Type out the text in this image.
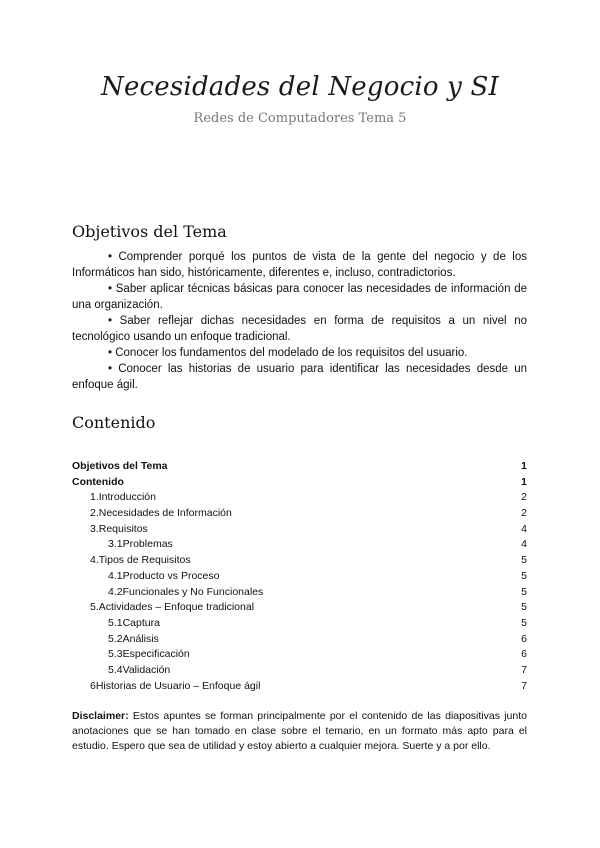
Necesidades del Negocio y SI
Redes de Computadores Tema 5
Objetivos del Tema

• Comprender porqué los puntos de vista de la gente del negocio y de los Informáticos han sido, históricamente, diferentes e, incluso, contradictorios.

• Saber aplicar técnicas básicas para conocer las necesidades de información de una organización.

• Saber reflejar dichas necesidades en forma de requisitos a un nivel no tecnológico usando un enfoque tradicional.

• Conocer los fundamentos del modelado de los requisitos del usuario.

• Conocer las historias de usuario para identificar las necesidades desde un enfoque ágil.

Contenido
Objetivos del Tema	1
Contenido	1
1.Introducción	2
2.Necesidades de Información	2
3.Requisitos	4
3.1Problemas	4
4.Tipos de Requisitos	5
4.1Producto vs Proceso	5
4.2Funcionales y No Funcionales	5
5.Actividades – Enfoque tradicional	5
5.1Captura	5
5.2Análisis	6
5.3Especificación	6
5.4Validación	7
6Historias de Usuario – Enfoque ágil	7
Disclaimer: Estos apuntes se forman principalmente por el contenido de las diapositivas junto anotaciones que se han tomado en clase sobre el temario, en un formato más apto para el estudio. Espero que sea de utilidad y estoy abierto a cualquier mejora. Suerte y a por ello.
